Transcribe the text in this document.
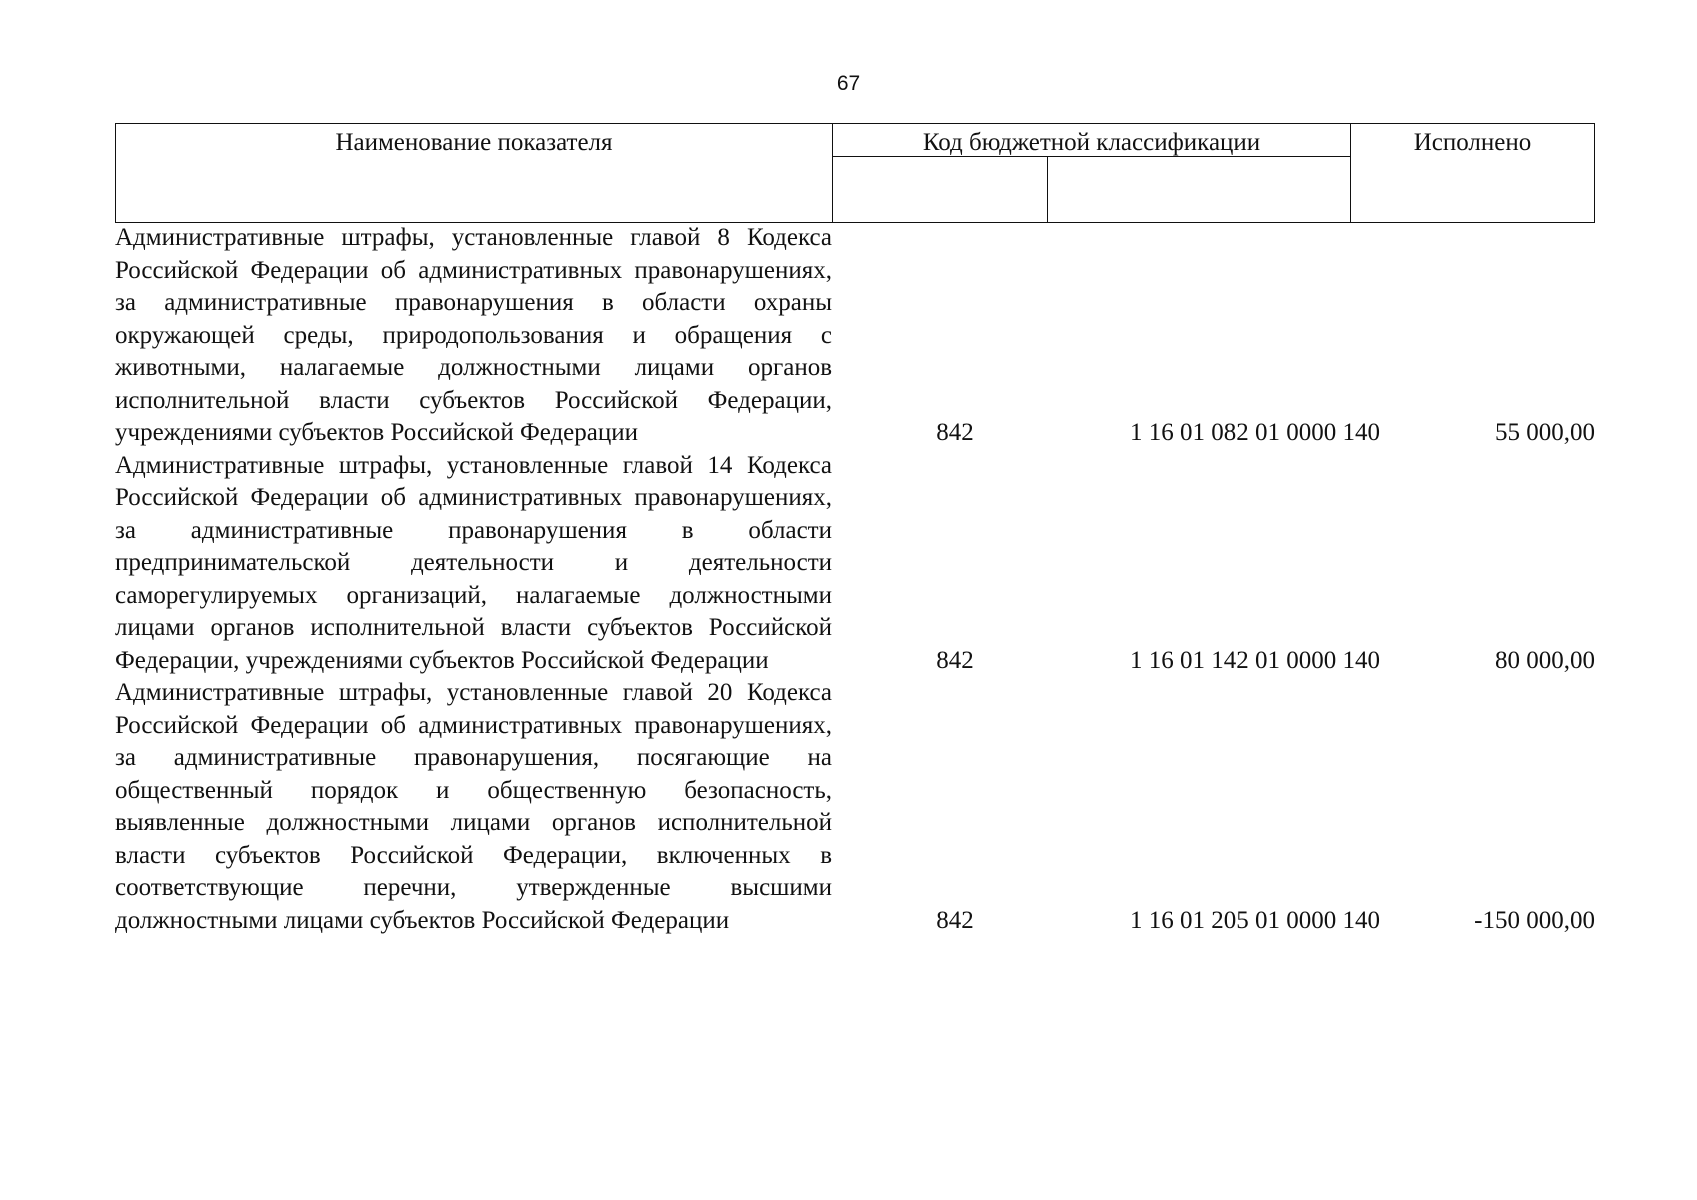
67
Наименование показателя	Код бюджетной классификации	Исполнено
Административные штрафы, установленные главой 8 Кодекса Российской Федерации об административных правонарушениях, за административные правонарушения в области охраны окружающей среды, природопользования и обращения с животными, налагаемые должностными лицами органов исполнительной власти субъектов Российской Федерации, учреждениями субъектов Российской Федерации	842	1 16 01 082 01 0000 140	55 000,00
Административные штрафы, установленные главой 14 Кодекса Российской Федерации об административных правонарушениях, за административные правонарушения в области предпринимательской деятельности и деятельности саморегулируемых организаций, налагаемые должностными лицами органов исполнительной власти субъектов Российской Федерации, учреждениями субъектов Российской Федерации	842	1 16 01 142 01 0000 140	80 000,00
Административные штрафы, установленные главой 20 Кодекса Российской Федерации об административных правонарушениях, за административные правонарушения, посягающие на общественный порядок и общественную безопасность, выявленные должностными лицами органов исполнительной власти субъектов Российской Федерации, включенных в соответствующие перечни, утвержденные высшими должностными лицами субъектов Российской Федерации	842	1 16 01 205 01 0000 140	-150 000,00
